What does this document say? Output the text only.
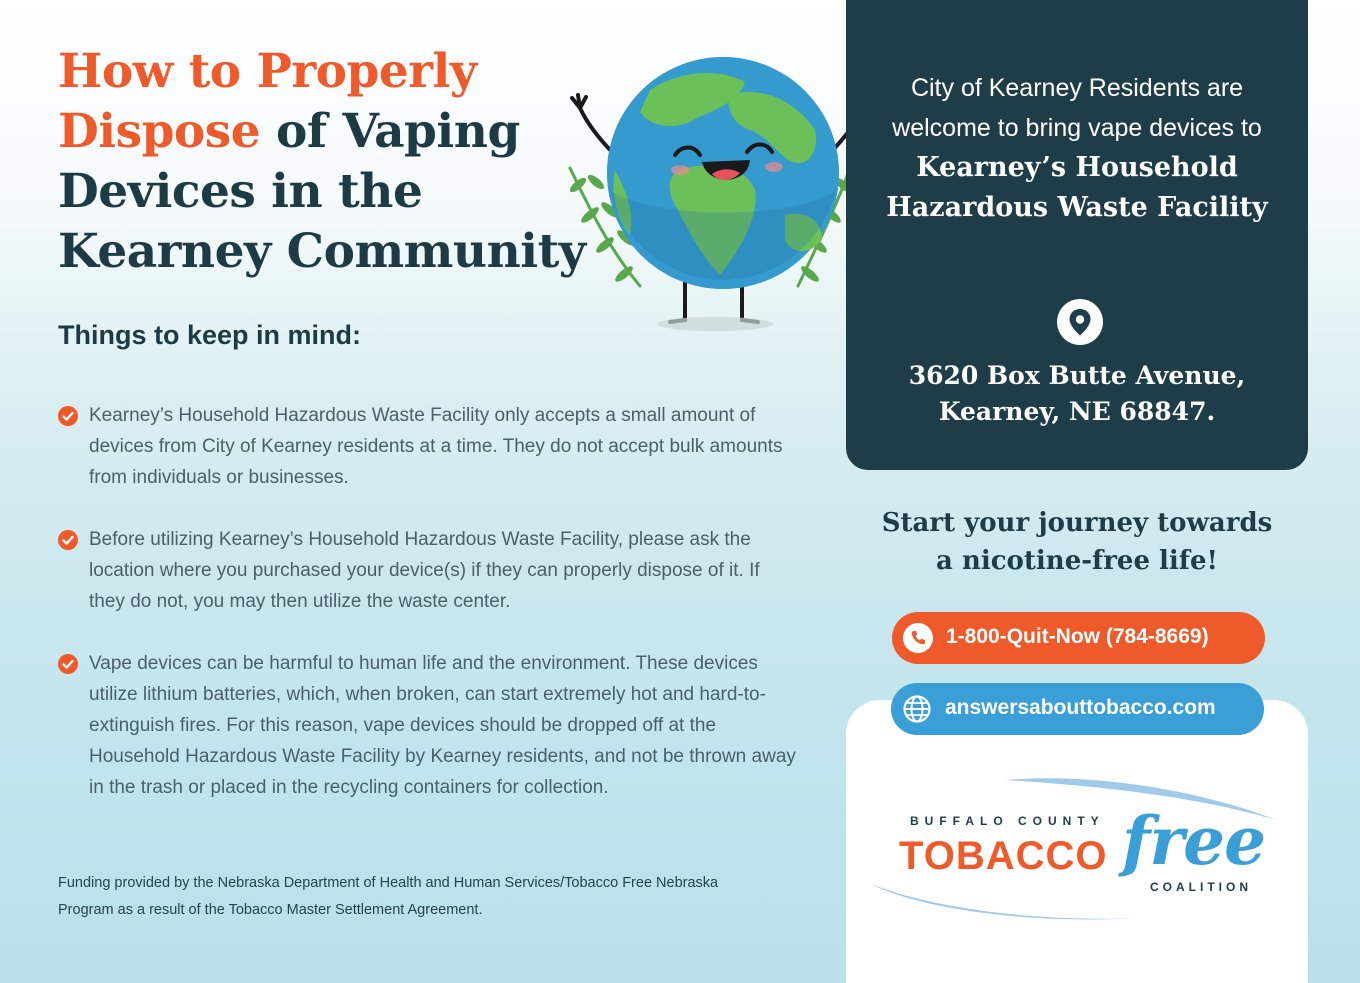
How to Properly
Dispose of Vaping
Devices in the
Kearney Community
Things to keep in mind:
Kearney’s Household Hazardous Waste Facility only accepts a small amount of devices from City of Kearney residents at a time. They do not accept bulk amounts from individuals or businesses.
Before utilizing Kearney’s Household Hazardous Waste Facility, please ask the location where you purchased your device(s) if they can properly dispose of it. If they do not, you may then utilize the waste center.
Vape devices can be harmful to human life and the environment. These devices utilize lithium batteries, which, when broken, can start extremely hot and hard-to-extinguish fires. For this reason, vape devices should be dropped off at the Household Hazardous Waste Facility by Kearney residents, and not be thrown away in the trash or placed in the recycling containers for collection.

Funding provided by the Nebraska Department of Health and Human Services/Tobacco Free Nebraska Program as a result of the Tobacco Master Settlement Agreement.

City of Kearney Residents are welcome to bring vape devices to Kearney’s Household Hazardous Waste Facility
3620 Box Butte Avenue,
Kearney, NE 68847.
Start your journey towards
a nicotine-free life!
1-800-Quit-Now (784-8669)
answersabouttobacco.com
BUFFALO COUNTY
TOBACCO free
COALITION
